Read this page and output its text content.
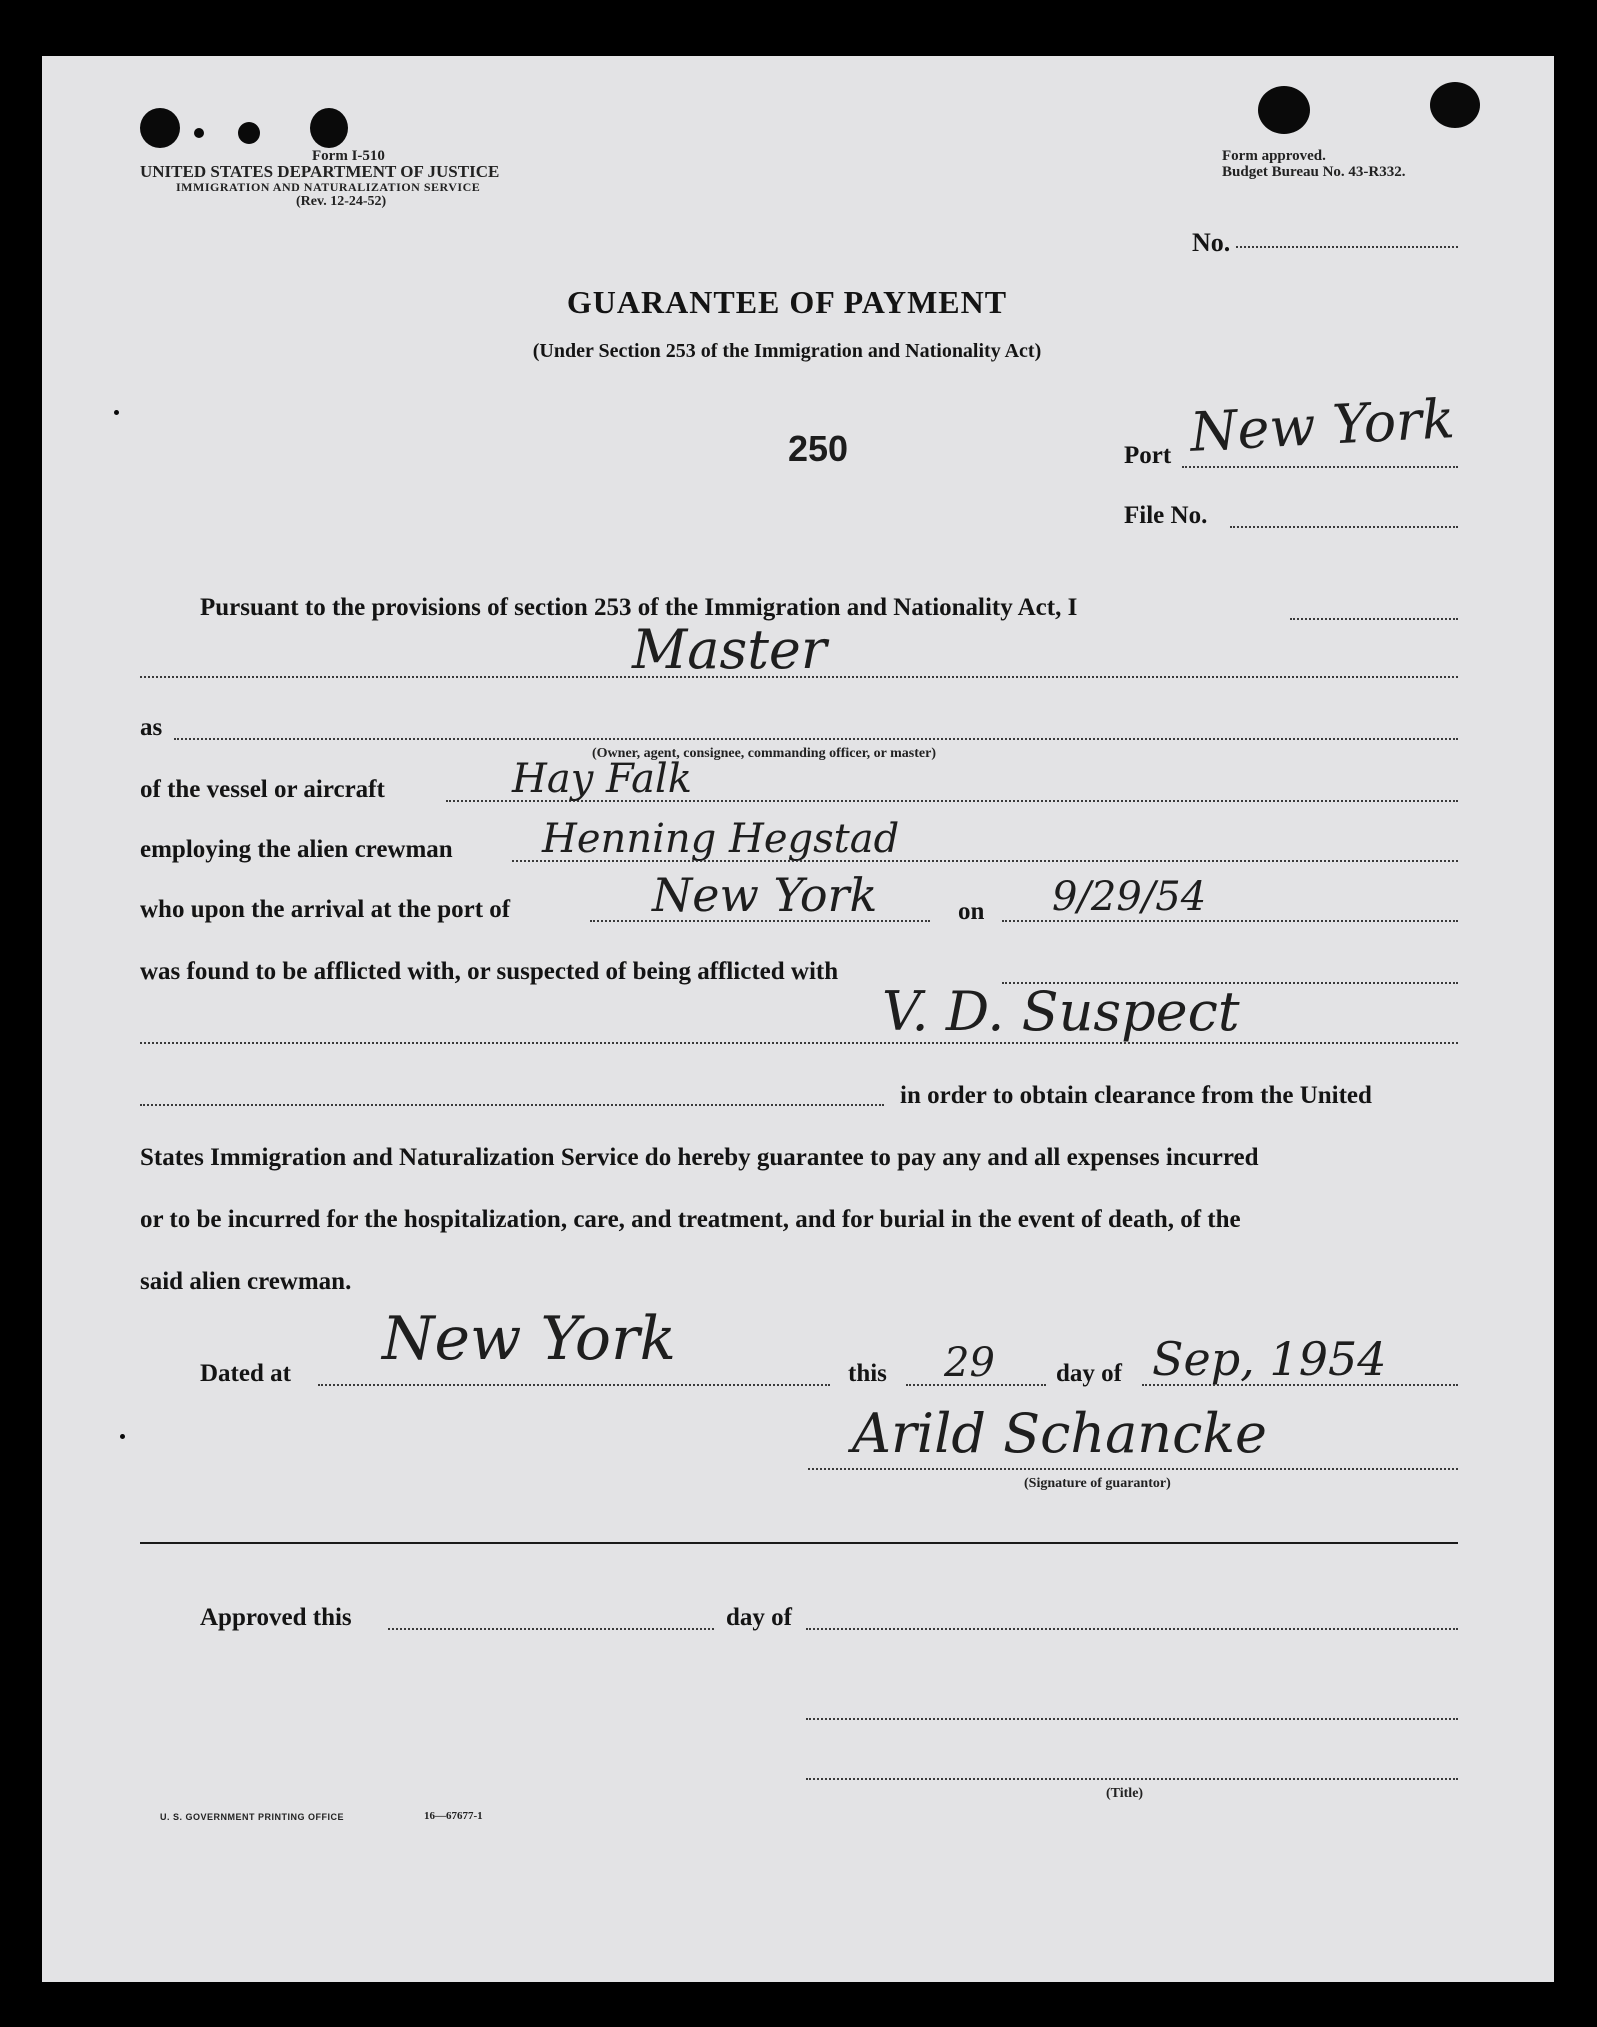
Form I-510
UNITED STATES DEPARTMENT OF JUSTICE
IMMIGRATION AND NATURALIZATION SERVICE
(Rev. 12-24-52)
Form approved.
Budget Bureau No. 43-R332.
No.
GUARANTEE OF PAYMENT
(Under Section 253 of the Immigration and Nationality Act)
250	Port New York
File No.
Pursuant to the provisions of section 253 of the Immigration and Nationality Act, I
Master
as
(Owner, agent, consignee, commanding officer, or master)
of the vessel or aircraft	Hay Falk
employing the alien crewman Henning Hegstad
who upon the arrival at the port of	New York	on 9/29/54
was found to be afflicted with, or suspected of being afflicted with
V. D. Suspect
in order to obtain clearance from the United
States Immigration and Naturalization Service do hereby guarantee to pay any and all expenses incurred
or to be incurred for the hospitalization, care, and treatment, and for burial in the event of death, of the
said alien crewman.
Dated at New York	this 29 day of Sep, 1954
Arild Schancke
(Signature of guarantor)
Approved this	day of
(Title)
U. S. GOVERNMENT PRINTING OFFICE	16—67677-1
